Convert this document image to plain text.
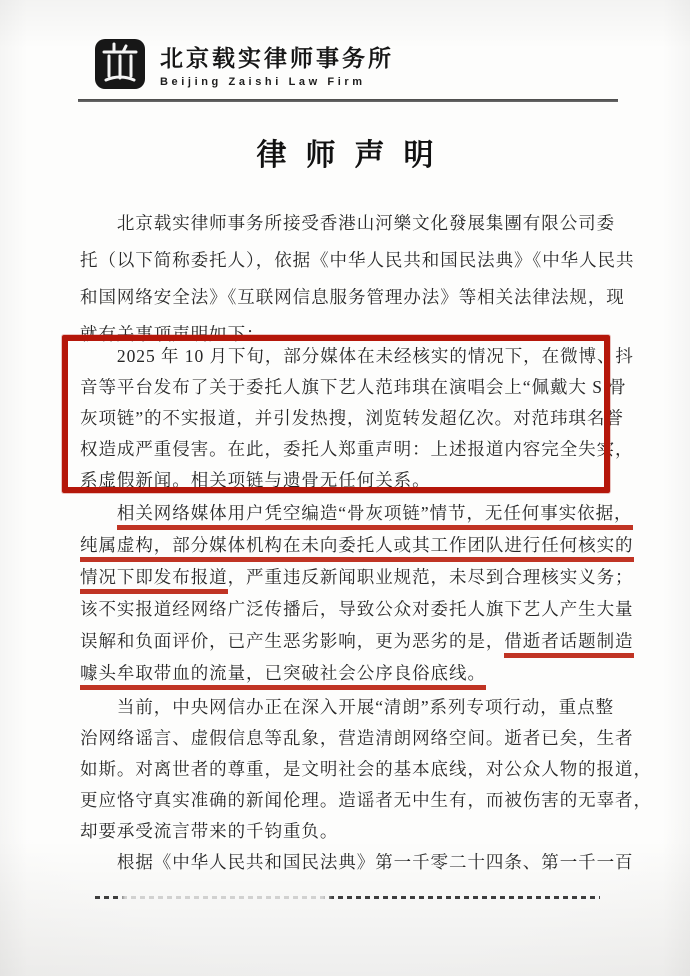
北京载实律师事务所
Beijing Zaishi Law Firm
律师声明
　　北京载实律师事务所接受香港山河樂文化發展集團有限公司委
托（以下简称委托人），依据《中华人民共和国民法典》《中华人民共
和国网络安全法》《互联网信息服务管理办法》等相关法律法规，现
就有关事项声明如下：
　　2025 年 10 月下旬，部分媒体在未经核实的情况下，在微博、抖
音等平台发布了关于委托人旗下艺人范玮琪在演唱会上“佩戴大 S 骨
灰项链”的不实报道，并引发热搜，浏览转发超亿次。对范玮琪名誉
权造成严重侵害。在此，委托人郑重声明：上述报道内容完全失实，
系虚假新闻。相关项链与遗骨无任何关系。
　　相关网络媒体用户凭空编造“骨灰项链”情节，无任何事实依据，
纯属虚构，部分媒体机构在未向委托人或其工作团队进行任何核实的
情况下即发布报道，严重违反新闻职业规范，未尽到合理核实义务；
该不实报道经网络广泛传播后，导致公众对委托人旗下艺人产生大量
误解和负面评价，已产生恶劣影响，更为恶劣的是，借逝者话题制造
噱头牟取带血的流量，已突破社会公序良俗底线。
　　当前，中央网信办正在深入开展“清朗”系列专项行动，重点整
治网络谣言、虚假信息等乱象，营造清朗网络空间。逝者已矣，生者
如斯。对离世者的尊重，是文明社会的基本底线，对公众人物的报道，
更应恪守真实准确的新闻伦理。造谣者无中生有，而被伤害的无辜者，
却要承受流言带来的千钧重负。
　　根据《中华人民共和国民法典》第一千零二十四条、第一千一百
